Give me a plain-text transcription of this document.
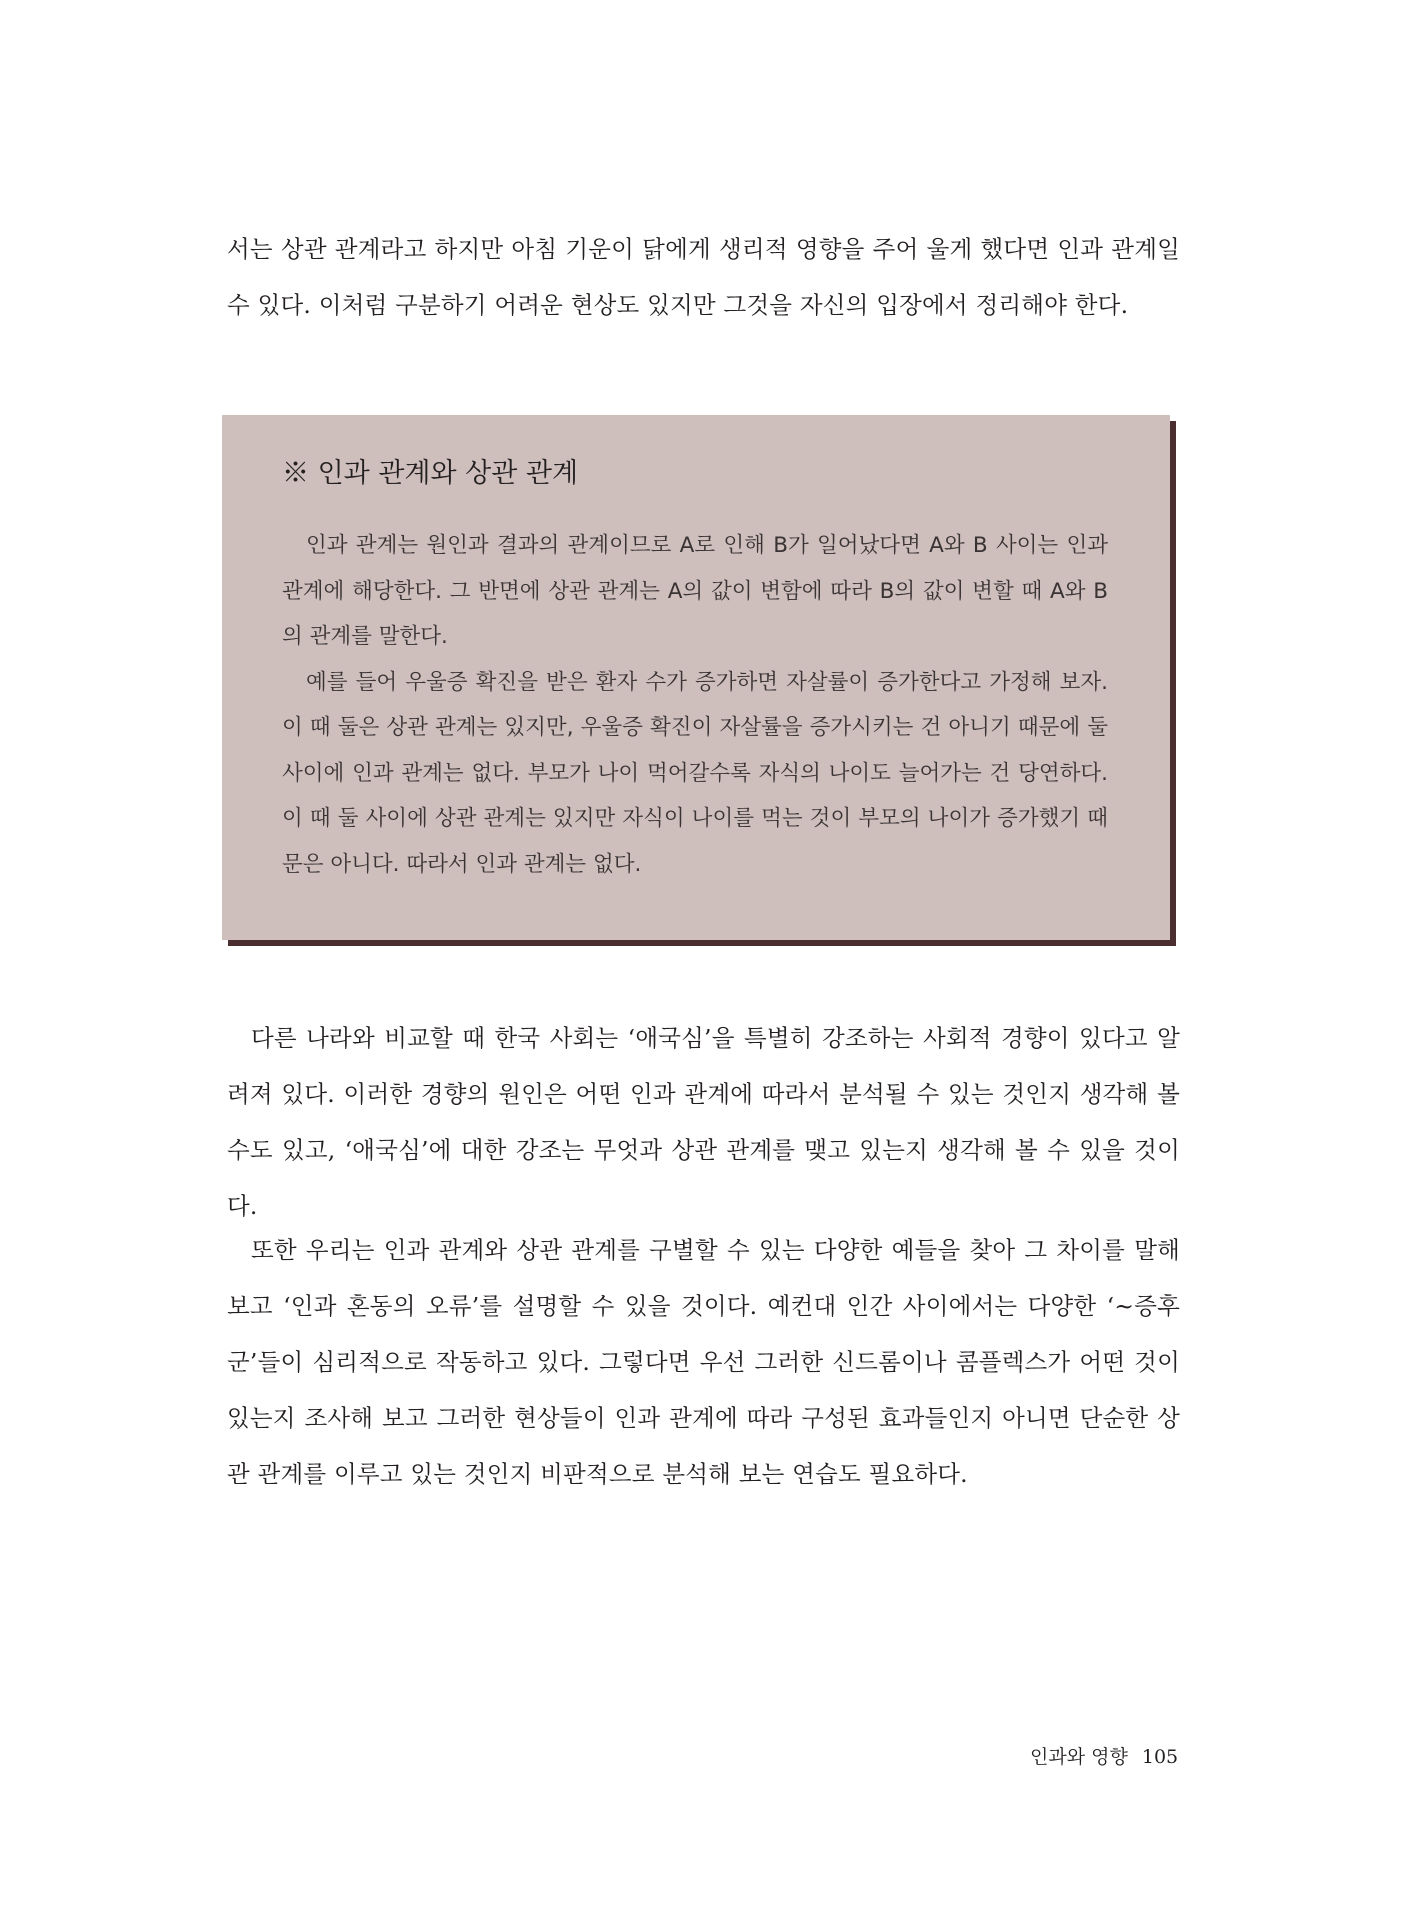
서는 상관 관계라고 하지만 아침 기운이 닭에게 생리적 영향을 주어 울게 했다면 인과 관계일 수 있다. 이처럼 구분하기 어려운 현상도 있지만 그것을 자신의 입장에서 정리해야 한다.

※ 인과 관계와 상관 관계

인과 관계는 원인과 결과의 관계이므로 A로 인해 B가 일어났다면 A와 B 사이는 인과 관계에 해당한다. 그 반면에 상관 관계는 A의 값이 변함에 따라 B의 값이 변할 때 A와 B의 관계를 말한다.

예를 들어 우울증 확진을 받은 환자 수가 증가하면 자살률이 증가한다고 가정해 보자. 이 때 둘은 상관 관계는 있지만, 우울증 확진이 자살률을 증가시키는 건 아니기 때문에 둘 사이에 인과 관계는 없다. 부모가 나이 먹어갈수록 자식의 나이도 늘어가는 건 당연하다. 이 때 둘 사이에 상관 관계는 있지만 자식이 나이를 먹는 것이 부모의 나이가 증가했기 때문은 아니다. 따라서 인과 관계는 없다.

다른 나라와 비교할 때 한국 사회는 ‘애국심’을 특별히 강조하는 사회적 경향이 있다고 알려져 있다. 이러한 경향의 원인은 어떤 인과 관계에 따라서 분석될 수 있는 것인지 생각해 볼 수도 있고, ‘애국심’에 대한 강조는 무엇과 상관 관계를 맺고 있는지 생각해 볼 수 있을 것이다.

또한 우리는 인과 관계와 상관 관계를 구별할 수 있는 다양한 예들을 찾아 그 차이를 말해 보고 ‘인과 혼동의 오류’를 설명할 수 있을 것이다. 예컨대 인간 사이에서는 다양한 ‘~증후군’들이 심리적으로 작동하고 있다. 그렇다면 우선 그러한 신드롬이나 콤플렉스가 어떤 것이 있는지 조사해 보고 그러한 현상들이 인과 관계에 따라 구성된 효과들인지 아니면 단순한 상관 관계를 이루고 있는 것인지 비판적으로 분석해 보는 연습도 필요하다.

인과와 영향 105
